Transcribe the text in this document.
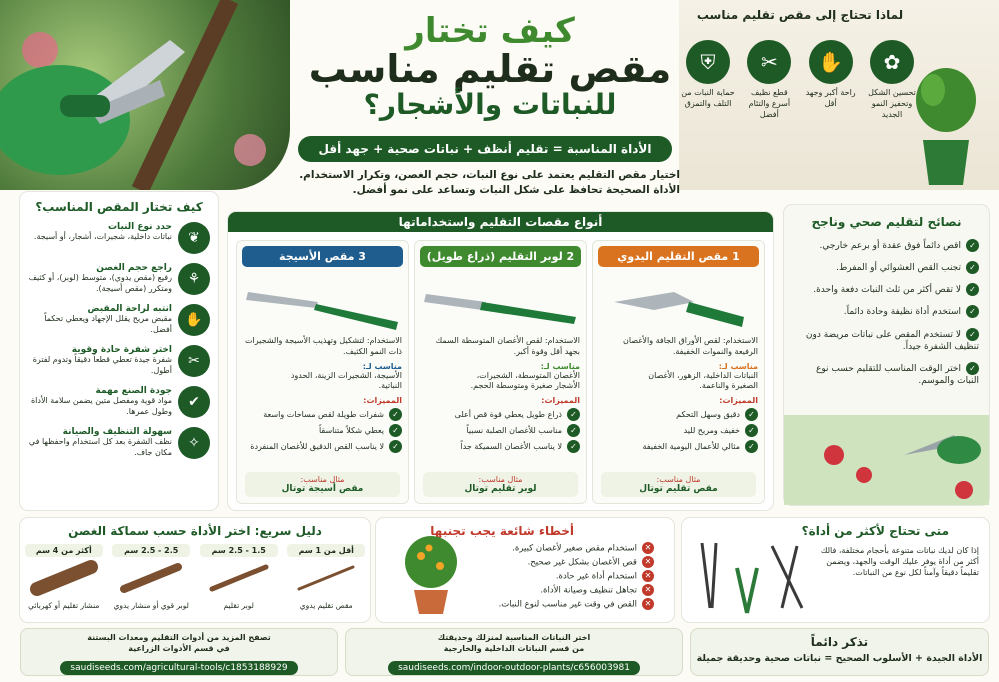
كيف تختار
مقص تقليم مناسب
للنباتات والأشجار؟
الأداة المناسبة = تقليم أنظف + نباتات صحية + جهد أقل
اختيار مقص التقليم يعتمد على نوع النبات، حجم الغصن، وتكرار الاستخدام.
الأداة الصحيحة تحافظ على شكل النبات وتساعد على نمو أفضل.
لماذا تحتاج إلى مقص تقليم مناسب
✿
تحسين الشكل وتحفيز النمو الجديد
✋
راحة أكبر وجهد أقل
✂
قطع نظيف أسرع والتئام أفضل
⛨
حماية النبات من التلف والتمزق
كيف تختار المقص المناسب؟
❦
حدد نوع النبات
نباتات داخلية، شجيرات، أشجار، أو أسيجة.
⚘
راجع حجم الغصن
رفيع (مقص يدوي)، متوسط (لوبر)، أو كثيف ومتكرر (مقص أسيجة).
✋
انتبه لراحة المقبض
مقبض مريح يقلل الإجهاد ويعطي تحكماً أفضل.
✂
اختر شفرة حادة وقوية
شفرة جيدة تعطي قطعاً دقيقاً وتدوم لفترة أطول.
✔
جودة الصنع مهمة
مواد قوية ومفصل متين يضمن سلامة الأداة وطول عمرها.
✧
سهولة التنظيف والصيانة
نظف الشفرة بعد كل استخدام واحفظها في مكان جاف.
أنواع مقصات التقليم واستخداماتها
1 مقص التقليم اليدوي
الاستخدام: لقص الأوراق الجافة والأغصان الرفيعة والنموات الخفيفة.
مناسب لـ:
النباتات الداخلية، الزهور، الأغصان الصغيرة والناعمة.
المميزات:
✓دقيق وسهل التحكم
✓خفيف ومريح لليد
✓مثالي للأعمال اليومية الخفيفة
مثال مناسب:
مقص تقليم توتال
2 لوبر التقليم (ذراع طويل)
الاستخدام: لقص الأغصان المتوسطة السمك بجهد أقل وقوة أكبر.
مناسب لـ:
الأغصان المتوسطة، الشجيرات، الأشجار صغيرة ومتوسطة الحجم.
المميزات:
✓ذراع طويل يعطي قوة قص أعلى
✓مناسب للأغصان الصلبة نسبياً
✓لا يناسب الأغصان السميكة جداً
مثال مناسب:
لوبر تقليم توتال
3 مقص الأسيجة
الاستخدام: لتشكيل وتهذيب الأسيجة والشجيرات ذات النمو الكثيف.
مناسب لـ:
الأسيجة، الشجيرات الزينة، الحدود النباتية.
المميزات:
✓شفرات طويلة لقص مساحات واسعة
✓يعطي شكلاً متناسقاً
✓لا يناسب القص الدقيق للأغصان المنفردة
مثال مناسب:
مقص أسيجة توتال
نصائح لتقليم صحي وناجح
✓اقص دائماً فوق عقدة أو برعم خارجي.
✓تجنب القص العشوائي أو المفرط.
✓لا تقص أكثر من ثلث النبات دفعة واحدة.
✓استخدم أداة نظيفة وحادة دائماً.
✓لا تستخدم المقص على نباتات مريضة دون تنظيف الشفرة جيداً.
✓اختر الوقت المناسب للتقليم حسب نوع النبات والموسم.
دليل سريع: اختر الأداة حسب سماكة الغصن
أقل من 1 سم
مقص تقليم يدوي
1.5 - 2.5 سم
لوبر تقليم
2.5 - 2.5 سم
لوبر قوي أو منشار يدوي
أكثر من 4 سم
منشار تقليم أو كهربائي
أخطاء شائعة يجب تجنبها
✕استخدام مقص صغير لأغصان كبيرة.
✕قص الأغصان بشكل غير صحيح.
✕استخدام أداة غير حادة.
✕تجاهل تنظيف وصيانة الأداة.
✕القص في وقت غير مناسب لنوع النبات.
متى تحتاج لأكثر من أداة؟
إذا كان لديك نباتات متنوعة بأحجام مختلفة، فالك أكثر من أداة يوفر عليك الوقت والجهد، ويضمن تقليماً دقيقاً وآمناً لكل نوع من النباتات.
تذكر دائماً
الأداة الجيدة + الأسلوب الصحيح = نباتات صحية وحديقة جميلة
اختر النباتات المناسبة لمنزلك وحديقتك
من قسم النباتات الداخلية والخارجية
saudiseeds.com/indoor-outdoor-plants/c656003981
تصفح المزيد من أدوات التقليم ومعدات البستنة
في قسم الأدوات الزراعية
saudiseeds.com/agricultural-tools/c1853188929
